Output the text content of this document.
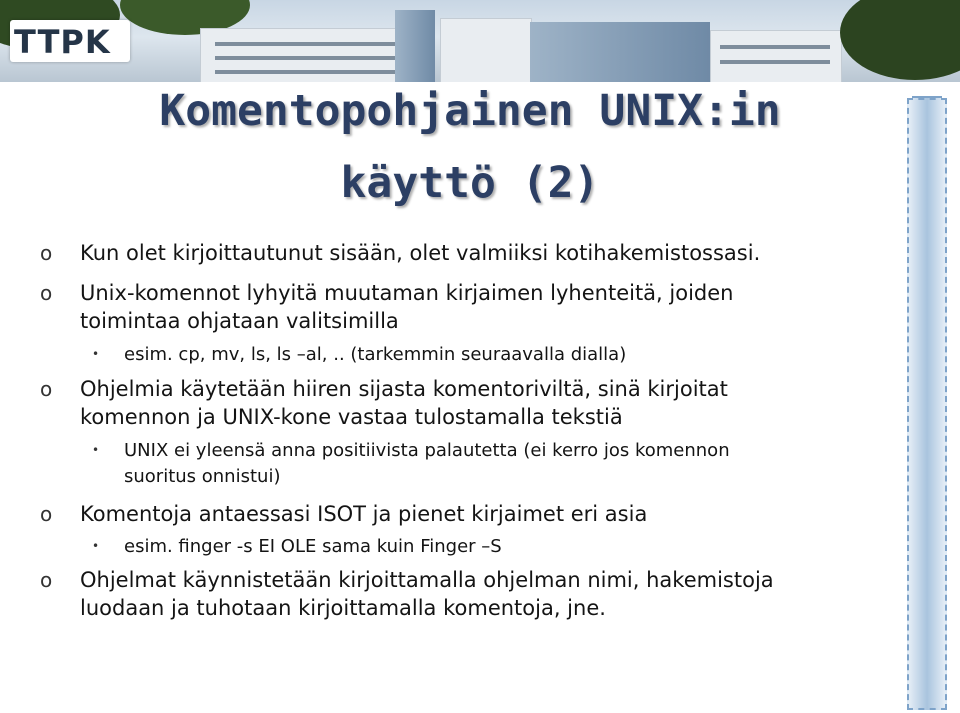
TTPK
Komentopohjainen UNIX:in
käyttö (2)
o Kun olet kirjoittautunut sisään, olet valmiiksi kotihakemistossasi.
o Unix-komennot lyhyitä muutaman kirjaimen lyhenteitä, joiden
toimintaa ohjataan valitsimilla
• esim. cp, mv, ls, ls –al, .. (tarkemmin seuraavalla dialla)
o Ohjelmia käytetään hiiren sijasta komentoriviltä, sinä kirjoitat
komennon ja UNIX-kone vastaa tulostamalla tekstiä
• UNIX ei yleensä anna positiivista palautetta (ei kerro jos komennon
suoritus onnistui)
o Komentoja antaessasi ISOT ja pienet kirjaimet eri asia
• esim. finger -s EI OLE sama kuin Finger –S
o Ohjelmat käynnistetään kirjoittamalla ohjelman nimi, hakemistoja
luodaan ja tuhotaan kirjoittamalla komentoja, jne.
